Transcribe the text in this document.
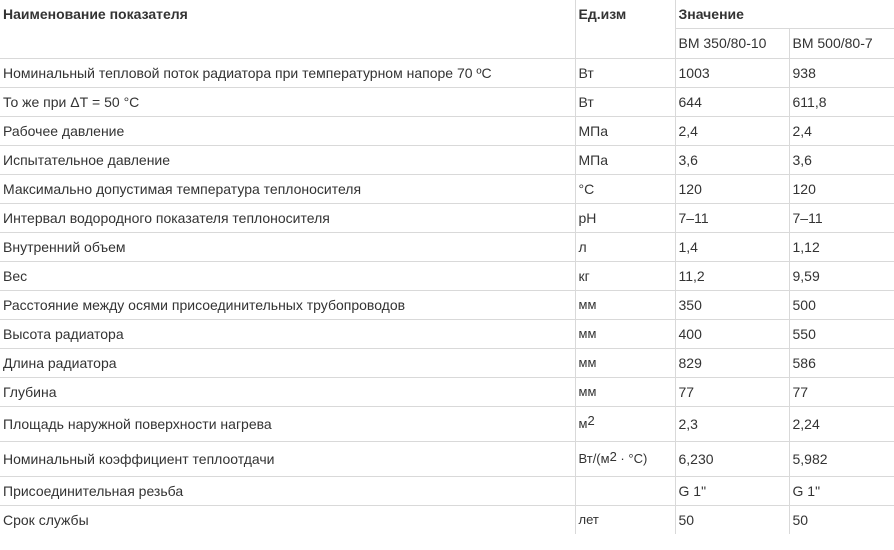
Наименование показателя	Ед.изм	Значение	
		BM 350/80-10	BM 500/80-7
Номинальный тепловой поток радиатора при температурном напоре 70 ºС	Вт	1003	938
То же при ΔТ = 50 °С	Вт	644	611,8
Рабочее давление	МПа	2,4	2,4
Испытательное давление	МПа	3,6	3,6
Максимально допустимая температура теплоносителя	°С	120	120
Интервал водородного показателя теплоносителя	pH	7–11	7–11
Внутренний объем	л	1,4	1,12
Вес	кг	11,2	9,59
Расстояние между осями присоединительных трубопроводов	мм	350	500
Высота радиатора	мм	400	550
Длина радиатора	мм	829	586
Глубина	мм	77	77
Площадь наружной поверхности нагрева	$м^2$	2,3	2,24
Номинальный коэффициент теплоотдачи	$Вт/(м^2 \cdot ^\circ С)$	6,230	5,982
Присоединительная резьба		G 1"	G 1"
Срок службы	лет	50	50
